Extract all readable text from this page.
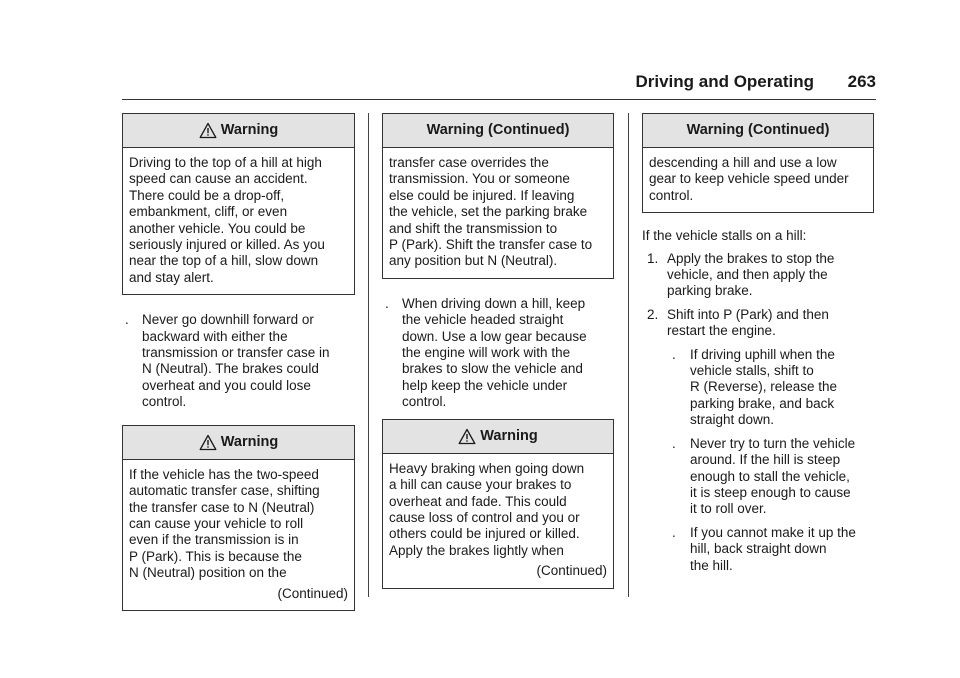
Driving and Operating 263
Warning
Driving to the top of a hill at high
speed can cause an accident.
There could be a drop-off,
embankment, cliff, or even
another vehicle. You could be
seriously injured or killed. As you
near the top of a hill, slow down
and stay alert.
. Never go downhill forward or
backward with either the
transmission or transfer case in
N (Neutral). The brakes could
overheat and you could lose
control.
Warning
If the vehicle has the two-speed
automatic transfer case, shifting
the transfer case to N (Neutral)
can cause your vehicle to roll
even if the transmission is in
P (Park). This is because the
N (Neutral) position on the
(Continued)
Warning (Continued)
transfer case overrides the
transmission. You or someone
else could be injured. If leaving
the vehicle, set the parking brake
and shift the transmission to
P (Park). Shift the transfer case to
any position but N (Neutral).
. When driving down a hill, keep
the vehicle headed straight
down. Use a low gear because
the engine will work with the
brakes to slow the vehicle and
help keep the vehicle under
control.
Warning
Heavy braking when going down
a hill can cause your brakes to
overheat and fade. This could
cause loss of control and you or
others could be injured or killed.
Apply the brakes lightly when
(Continued)
Warning (Continued)
descending a hill and use a low
gear to keep vehicle speed under
control.

If the vehicle stalls on a hill:

1. Apply the brakes to stop the
vehicle, and then apply the
parking brake.
2. Shift into P (Park) and then
restart the engine.
. If driving uphill when the
vehicle stalls, shift to
R (Reverse), release the
parking brake, and back
straight down.
. Never try to turn the vehicle
around. If the hill is steep
enough to stall the vehicle,
it is steep enough to cause
it to roll over.
. If you cannot make it up the
hill, back straight down
the hill.
